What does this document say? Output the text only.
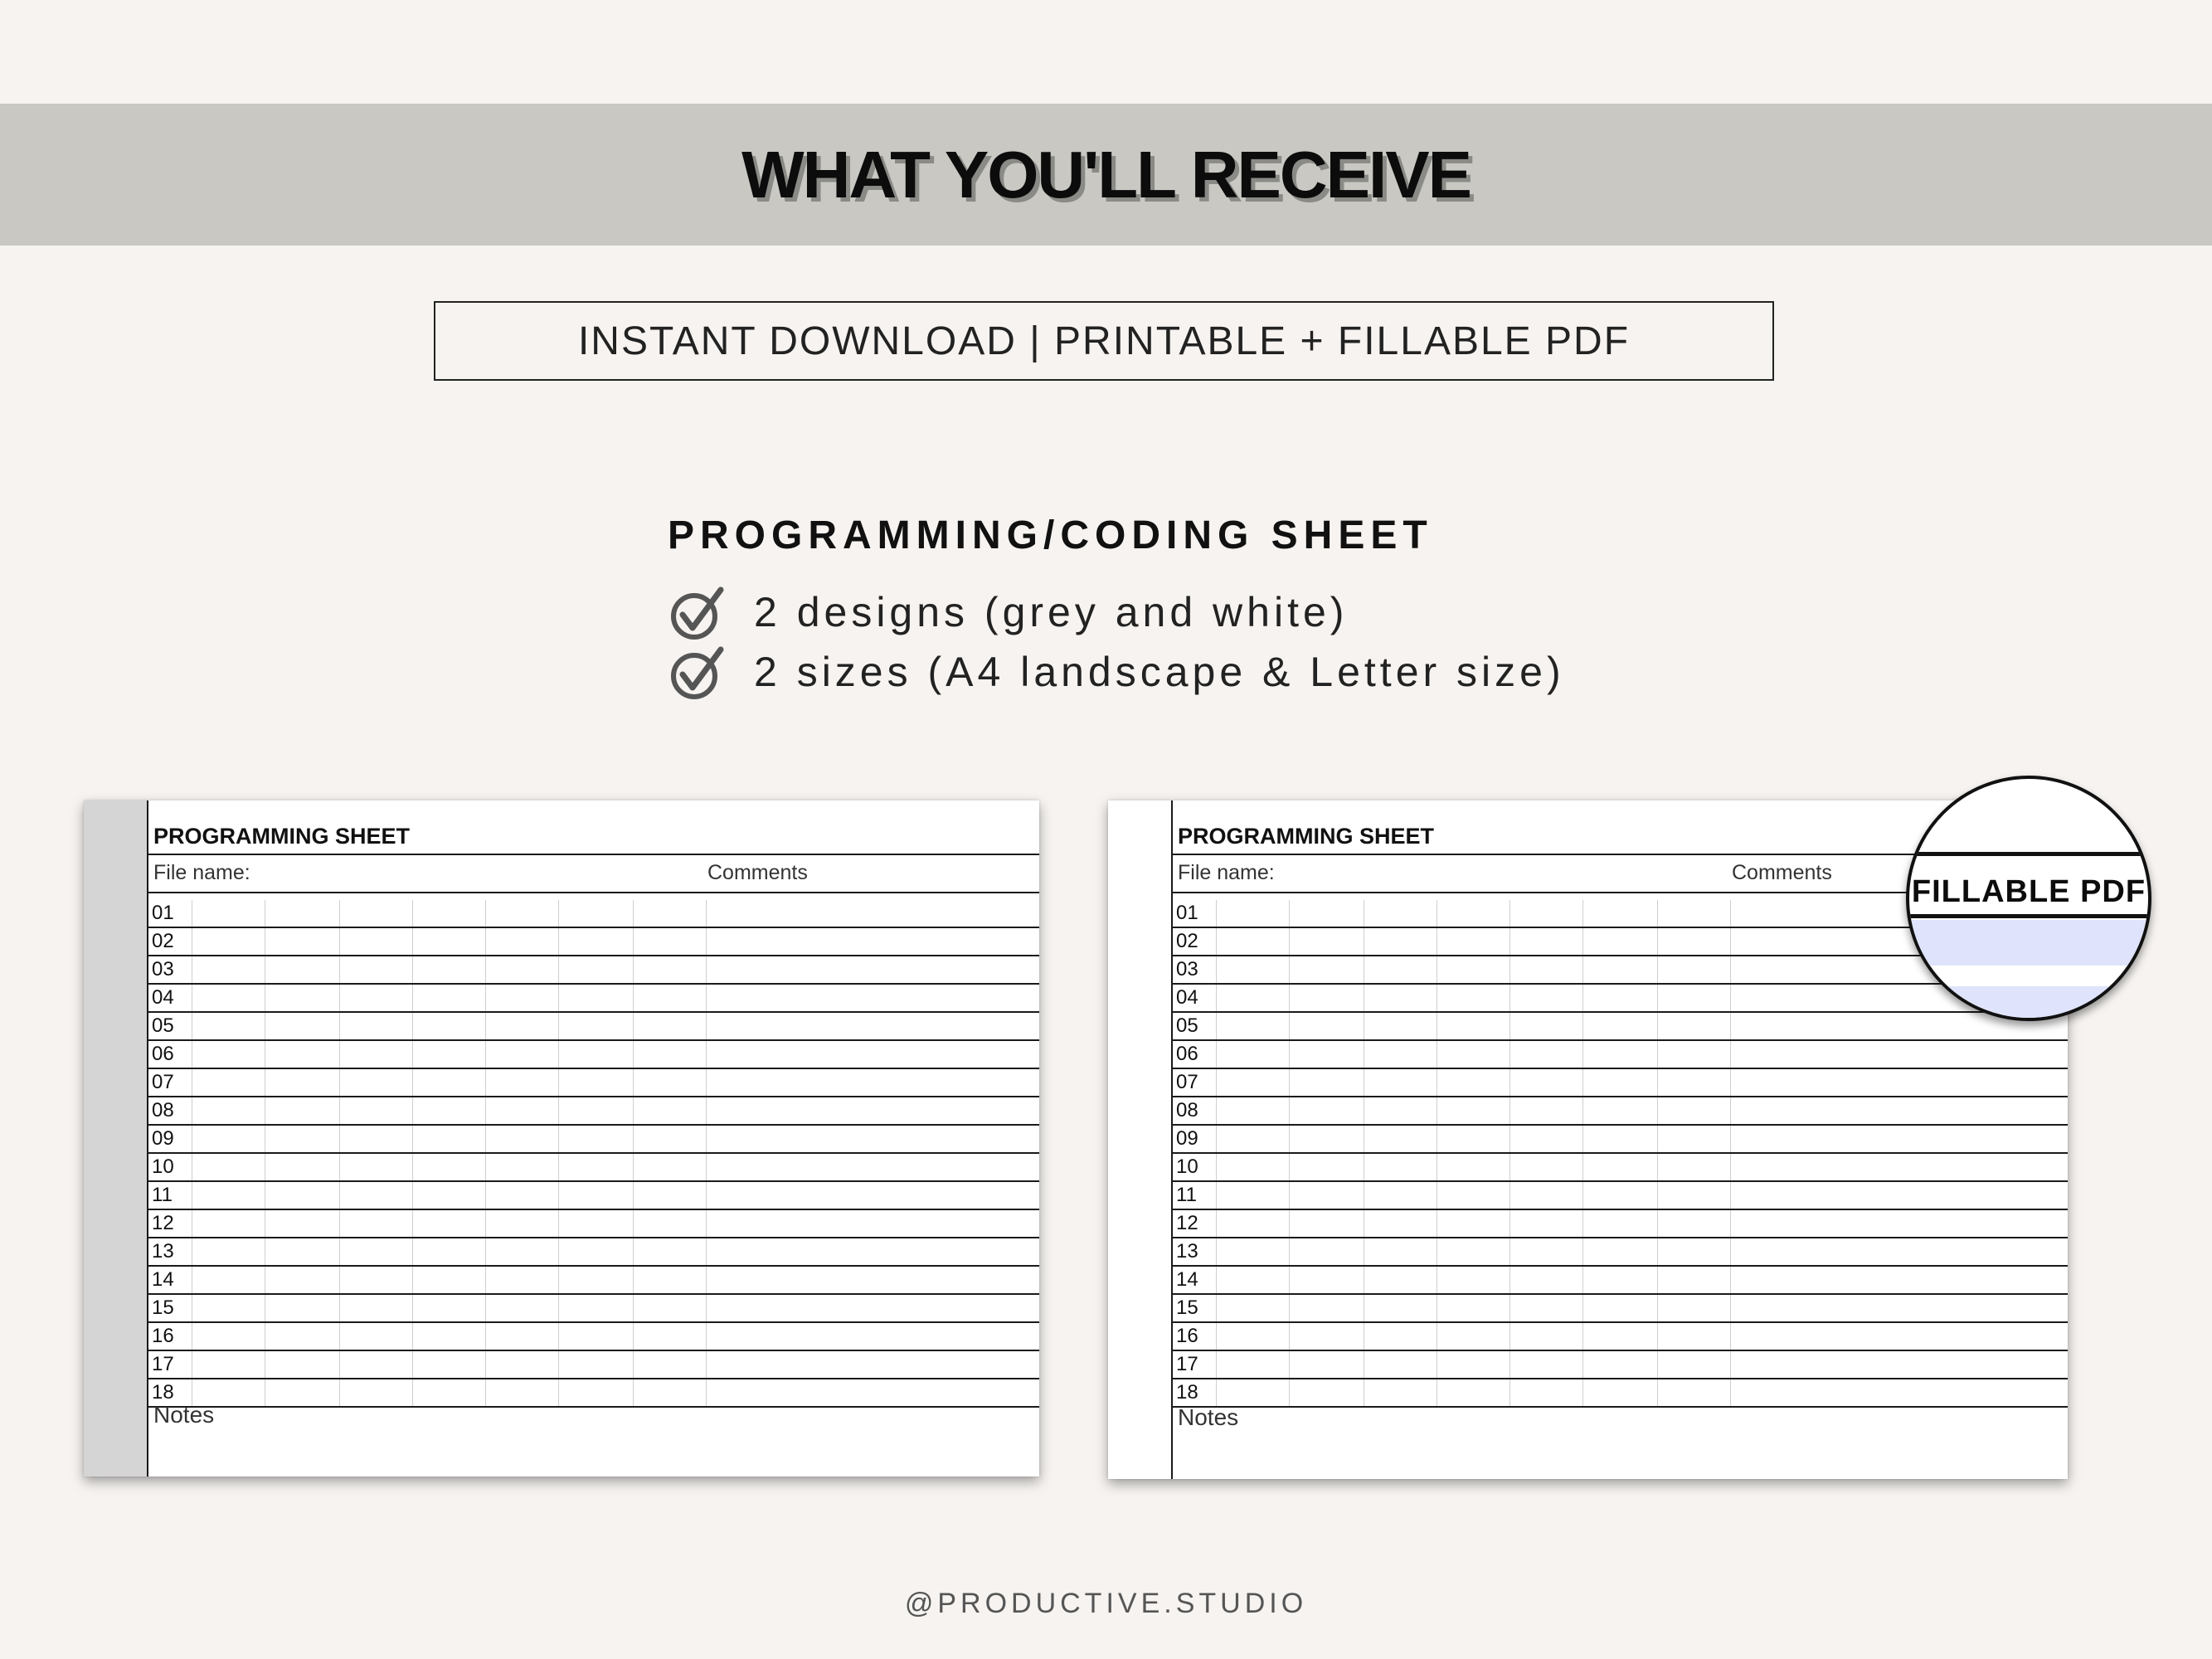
WHAT YOU'LL RECEIVE
INSTANT DOWNLOAD | PRINTABLE + FILLABLE PDF
PROGRAMMING/CODING SHEET
2 designs (grey and white)
2 sizes (A4 landscape & Letter size)
PROGRAMMING SHEET
File name:	Comments
01
02
03
04
05
06
07
08
09
10
11
12
13
14
15
16
17
18
Notes
PROGRAMMING SHEET
File name:	Comments
01
02
03
04
05
06
07
08
09
10
11
12
13
14
15
16
17
18
Notes
FILLABLE PDF
@PRODUCTIVE.STUDIO
